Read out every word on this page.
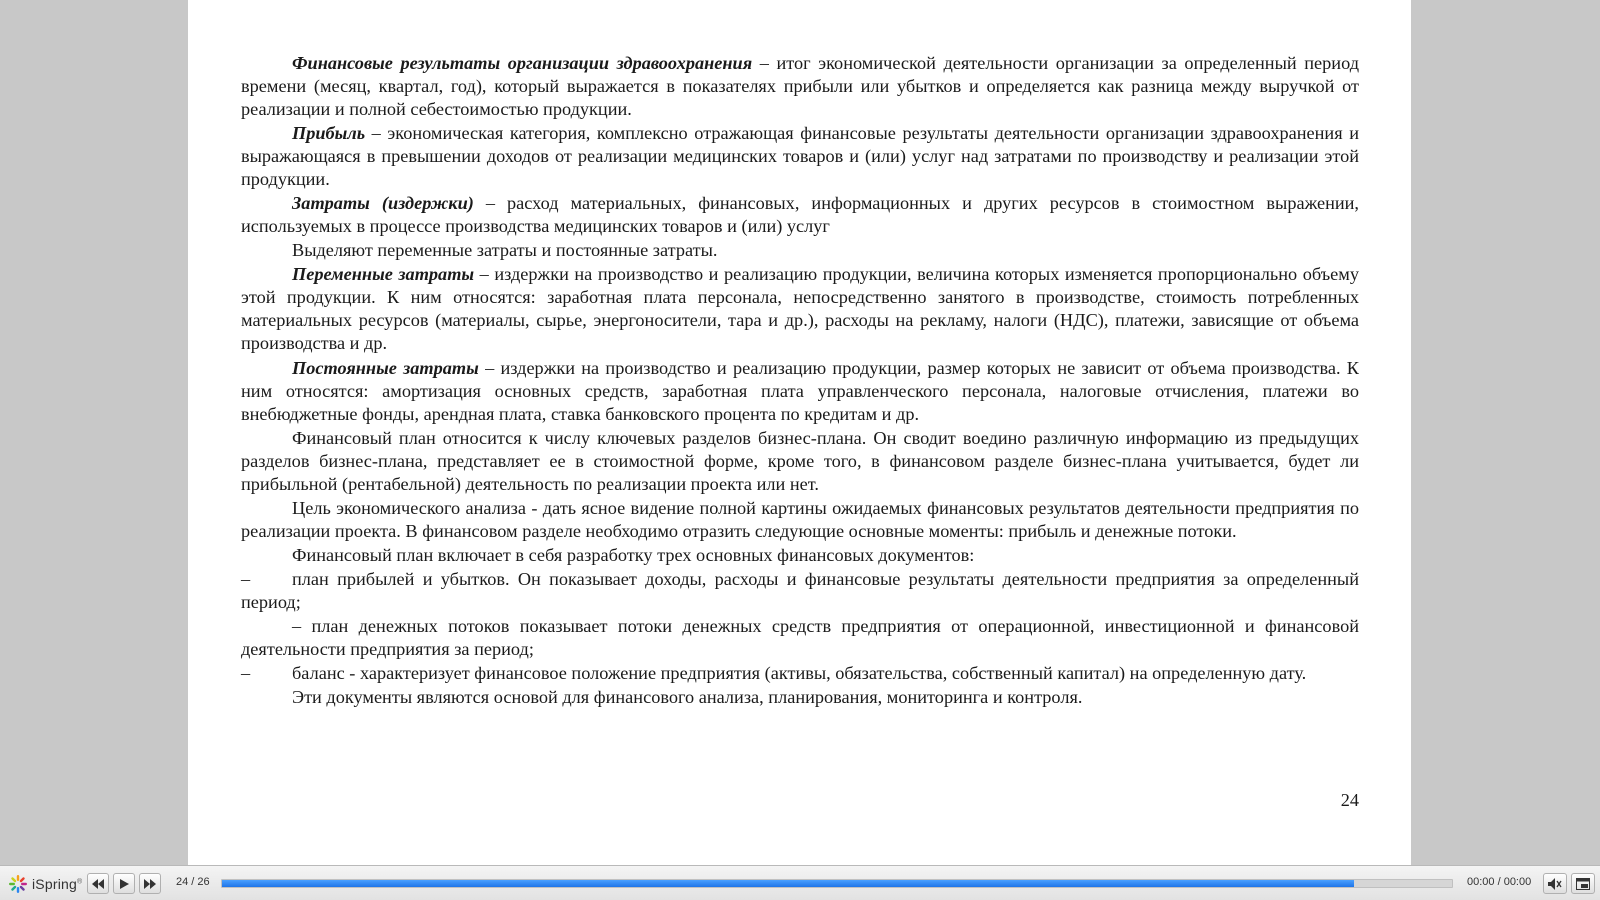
Финансовые результаты организации здравоохранения – итог экономической деятельности организации за определенный период времени (месяц, квартал, год), который выражается в показателях прибыли или убытков и определяется как разница между выручкой от реализации и полной себестоимостью продукции.

Прибыль – экономическая категория, комплексно отражающая финансовые результаты деятельности организации здравоохранения и выражающаяся в превышении доходов от реализации медицинских товаров и (или) услуг над затратами по производству и реализации этой продукции.

Затраты (издержки) – расход материальных, финансовых, информационных и других ресурсов в стоимостном выражении, используемых в процессе производства медицинских товаров и (или) услуг

Выделяют переменные затраты и постоянные затраты.

Переменные затраты – издержки на производство и реализацию продукции, величина которых изменяется пропорционально объему этой продукции. К ним относятся: заработная плата персонала, непосредственно занятого в производстве, стоимость потребленных материальных ресурсов (материалы, сырье, энергоносители, тара и др.), расходы на рекламу, налоги (НДС), платежи, зависящие от объема производства и др.

Постоянные затраты – издержки на производство и реализацию продукции, размер которых не зависит от объема производства. К ним относятся: амортизация основных средств, заработная плата управленческого персонала, налоговые отчисления, платежи во внебюджетные фонды, арендная плата, ставка банковского процента по кредитам и др.

Финансовый план относится к числу ключевых разделов бизнес-плана. Он сводит воедино различную информацию из предыдущих разделов бизнес-плана, представляет ее в стоимостной форме, кроме того, в финансовом разделе бизнес-плана учитывается, будет ли прибыльной (рентабельной) деятельность по реализации проекта или нет.

Цель экономического анализа - дать ясное видение полной картины ожидаемых финансовых результатов деятельности предприятия по реализации проекта. В финансовом разделе необходимо отразить следующие основные моменты: прибыль и денежные потоки.

Финансовый план включает в себя разработку трех основных финансовых документов:

– план прибылей и убытков. Он показывает доходы, расходы и финансовые результаты деятельности предприятия за определенный период;

– план денежных потоков показывает потоки денежных средств предприятия от операционной, инвестиционной и финансовой деятельности предприятия за период;

– баланс - характеризует финансовое положение предприятия (активы, обязательства, собственный капитал) на определенную дату.

Эти документы являются основой для финансового анализа, планирования, мониторинга и контроля.

24
iSpring®	24 / 26	00:00 / 00:00
